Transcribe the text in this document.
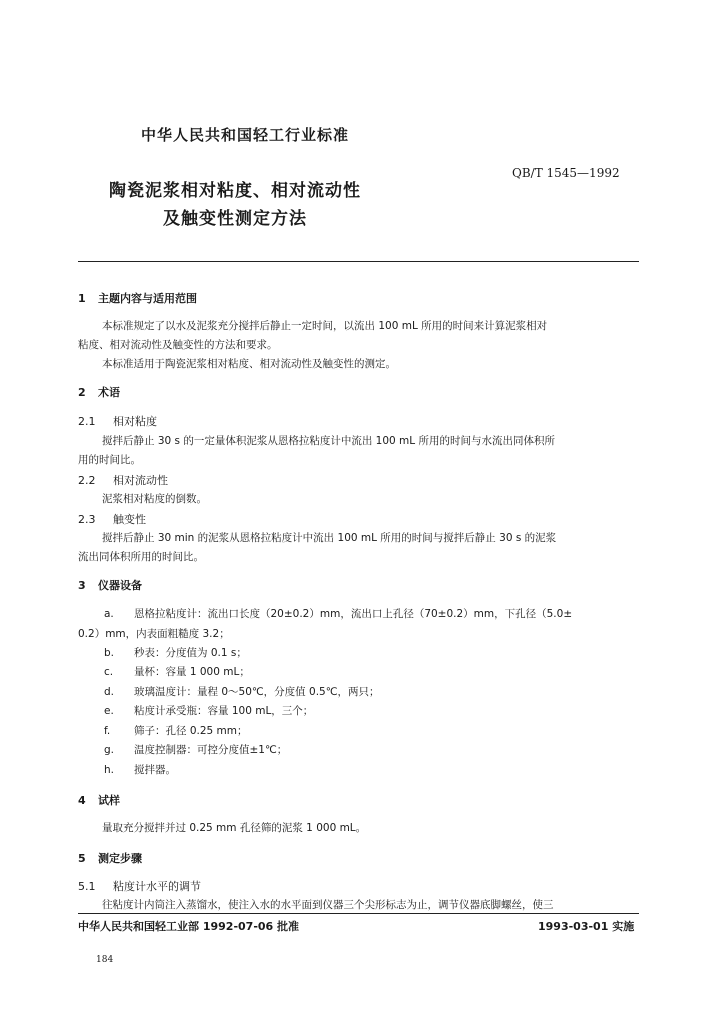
中华人民共和国轻工行业标准
QB/T 1545—1992
陶瓷泥浆相对粘度、相对流动性
及触变性测定方法
1 主题内容与适用范围
本标准规定了以水及泥浆充分搅拌后静止一定时间，以流出 100 mL 所用的时间来计算泥浆相对
粘度、相对流动性及触变性的方法和要求。
本标准适用于陶瓷泥浆相对粘度、相对流动性及触变性的测定。
2 术语
2.1 相对粘度
搅拌后静止 30 s 的一定量体积泥浆从恩格拉粘度计中流出 100 mL 所用的时间与水流出同体积所
用的时间比。
2.2 相对流动性
泥浆相对粘度的倒数。
2.3 触变性
搅拌后静止 30 min 的泥浆从恩格拉粘度计中流出 100 mL 所用的时间与搅拌后静止 30 s 的泥浆
流出同体积所用的时间比。
3 仪器设备
a. 恩格拉粘度计：流出口长度（20±0.2）mm，流出口上孔径（70±0.2）mm，下孔径（5.0±
0.2）mm，内表面粗糙度 3.2；
b. 秒表：分度值为 0.1 s；
c. 量杯：容量 1 000 mL；
d. 玻璃温度计：量程 0～50℃，分度值 0.5℃，两只；
e. 粘度计承受瓶：容量 100 mL，三个；
f. 筛子：孔径 0.25 mm；
g. 温度控制器：可控分度值±1℃；
h. 搅拌器。
4 试样
量取充分搅拌并过 0.25 mm 孔径筛的泥浆 1 000 mL。
5 测定步骤
5.1 粘度计水平的调节
往粘度计内筒注入蒸馏水，使注入水的水平面到仪器三个尖形标志为止，调节仪器底脚螺丝，使三
中华人民共和国轻工业部 1992-07-06 批准	1993-03-01 实施
184
